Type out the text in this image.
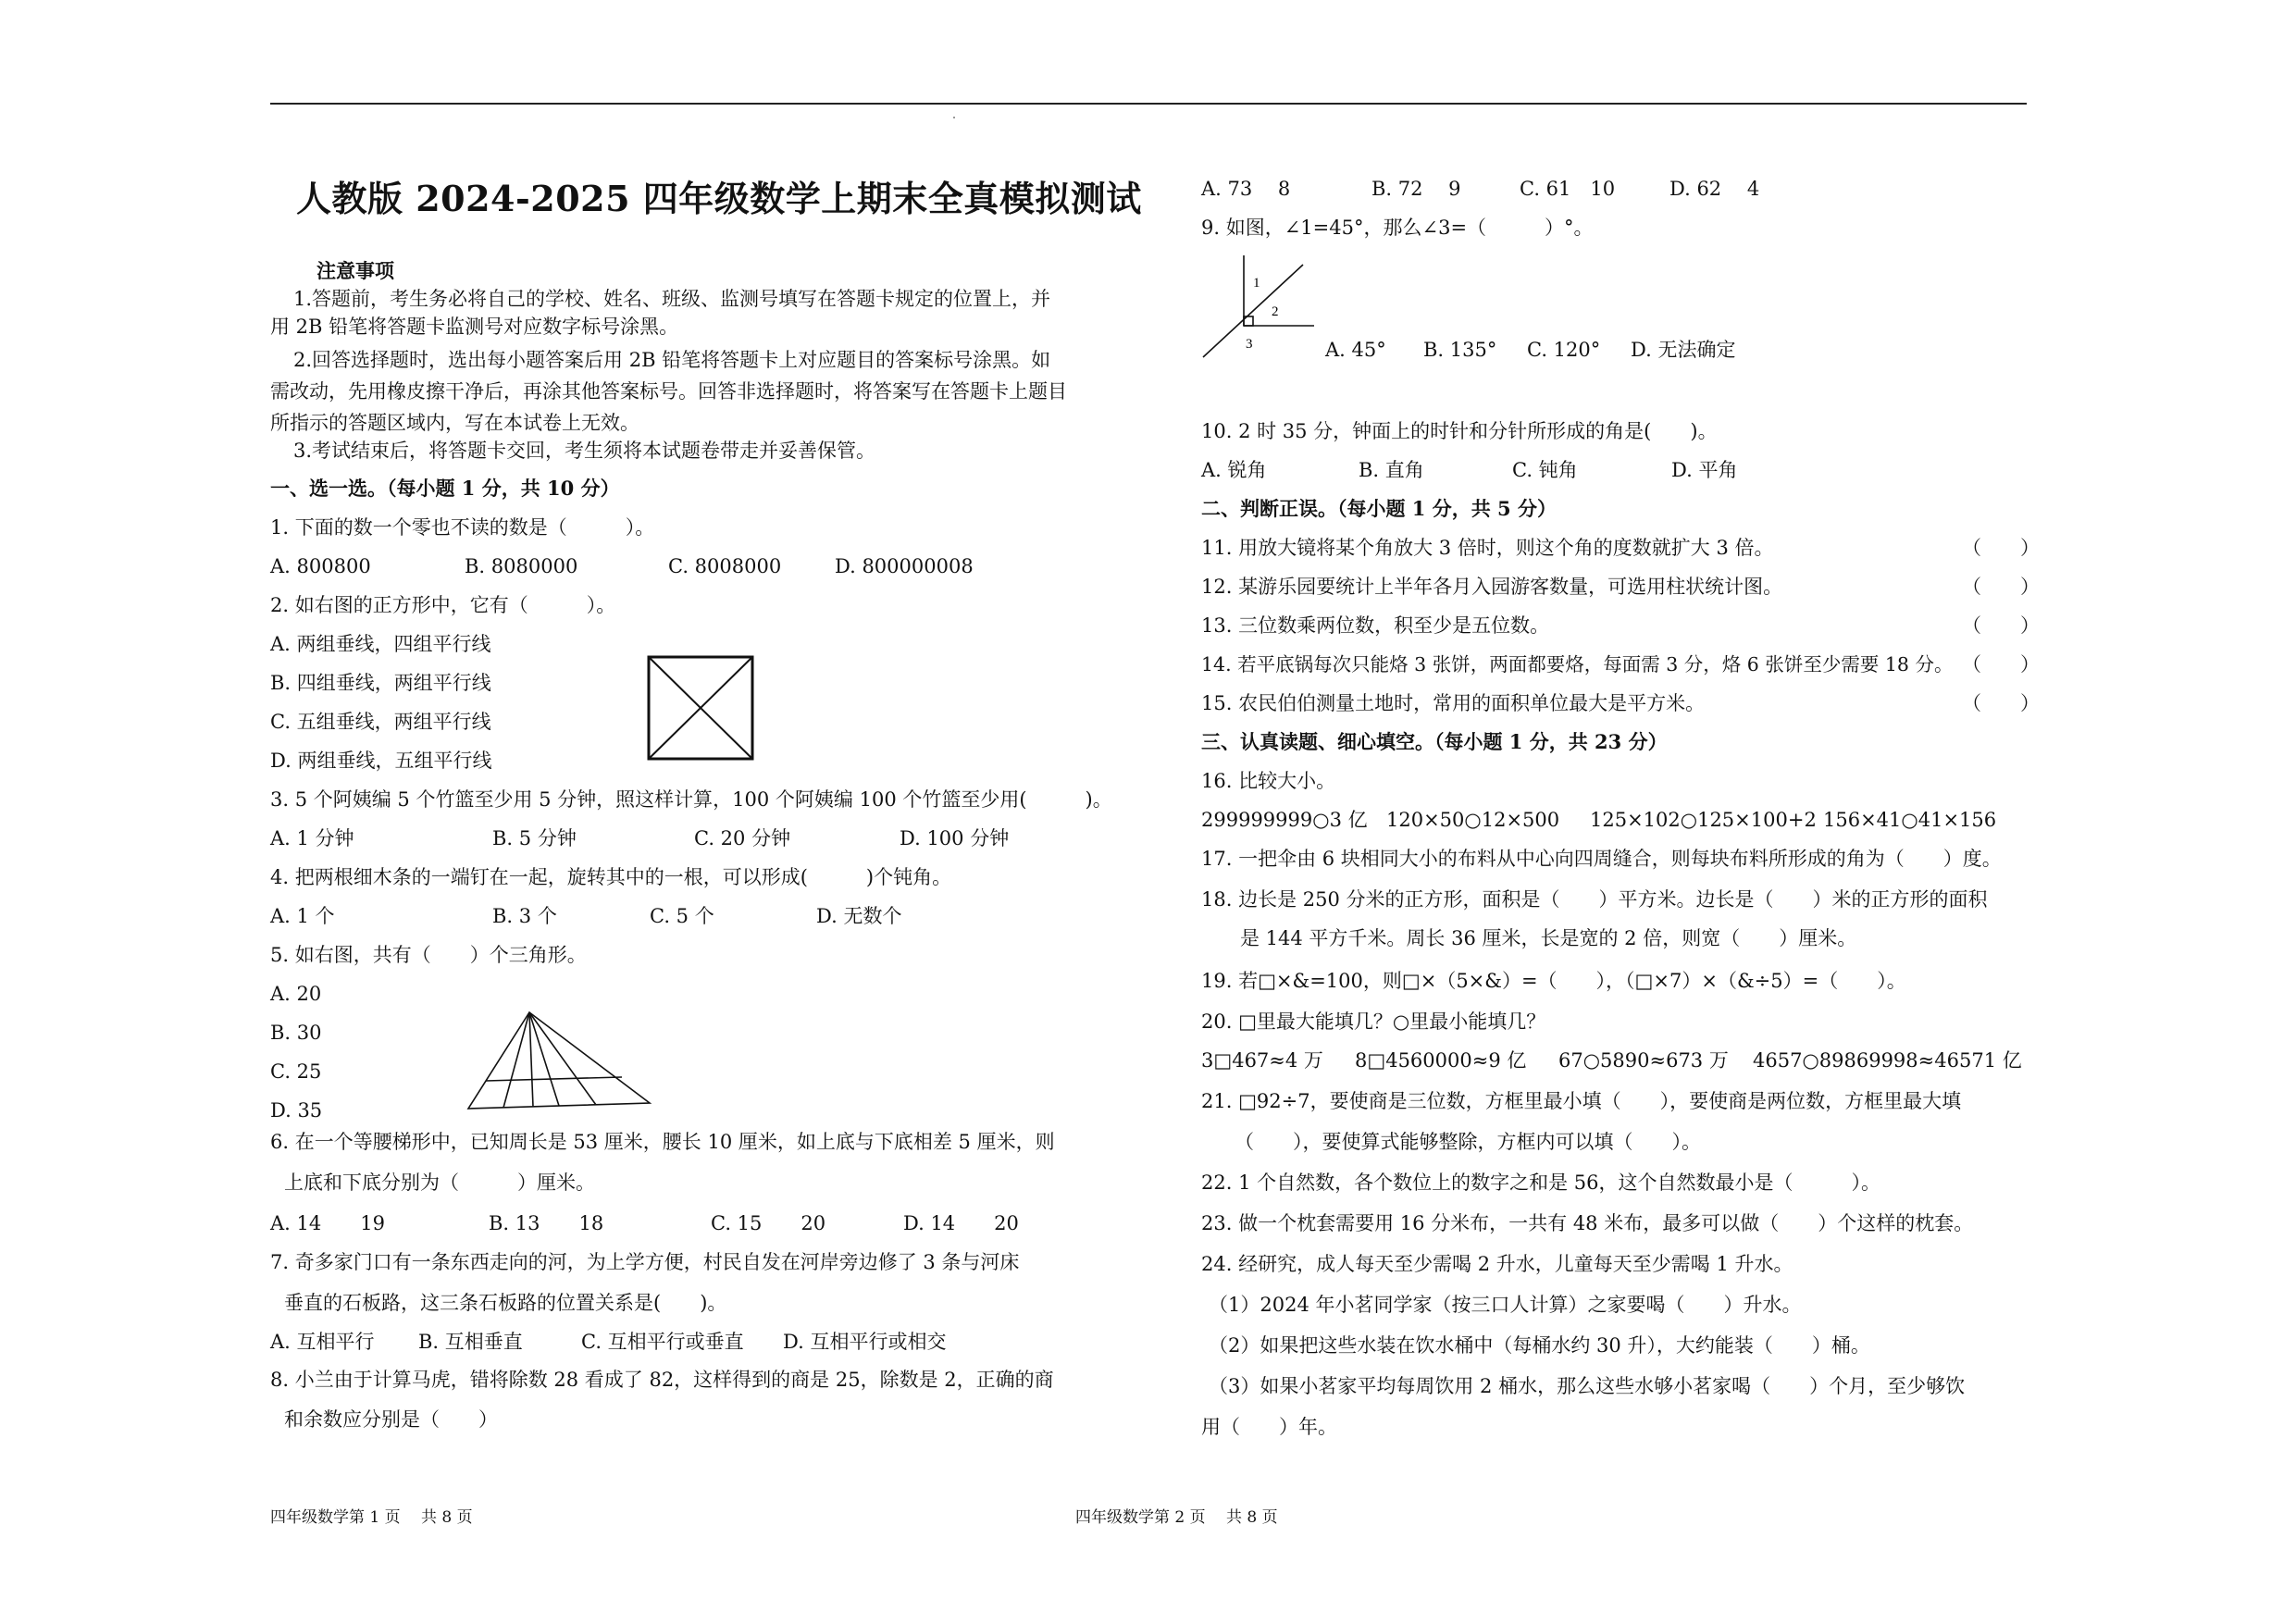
人教版 2024-2025 四年级数学上期末全真模拟测试
注意事项
1.答题前，考生务必将自己的学校、姓名、班级、监测号填写在答题卡规定的位置上，并
用 2B 铅笔将答题卡监测号对应数字标号涂黑。
2.回答选择题时，选出每小题答案后用 2B 铅笔将答题卡上对应题目的答案标号涂黑。如
需改动，先用橡皮擦干净后，再涂其他答案标号。回答非选择题时，将答案写在答题卡上题目
所指示的答题区域内，写在本试卷上无效。
3.考试结束后，将答题卡交回，考生须将本试题卷带走并妥善保管。
一、选一选。（每小题 1 分，共 10 分）
1. 下面的数一个零也不读的数是（　　　）。
A. 800800	B. 8080000	C. 8008000	D. 800000008
2. 如右图的正方形中，它有（　　　）。
A. 两组垂线，四组平行线
B. 四组垂线，两组平行线
C. 五组垂线，两组平行线
D. 两组垂线，五组平行线
3. 5 个阿姨编 5 个竹篮至少用 5 分钟，照这样计算，100 个阿姨编 100 个竹篮至少用(　　　)。
A. 1 分钟	B. 5 分钟	C. 20 分钟	D. 100 分钟
4. 把两根细木条的一端钉在一起，旋转其中的一根，可以形成(　　　)个钝角。
A. 1 个	B. 3 个	C. 5 个	D. 无数个
5. 如右图，共有（　　）个三角形。
A. 20
B. 30
C. 25
D. 35
6. 在一个等腰梯形中，已知周长是 53 厘米，腰长 10 厘米，如上底与下底相差 5 厘米，则
上底和下底分别为（　　　）厘米。
A. 14　　19	B. 13　　18	C. 15　　20	D. 14　　20
7. 奇多家门口有一条东西走向的河，为上学方便，村民自发在河岸旁边修了 3 条与河床
垂直的石板路，这三条石板路的位置关系是(　　)。
A. 互相平行 B. 互相垂直	C. 互相平行或垂直 D. 互相平行或相交
8. 小兰由于计算马虎，错将除数 28 看成了 82，这样得到的商是 25，除数是 2，正确的商
和余数应分别是（　　）
四年级数学第 1 页　 共 8 页
A. 73　 8	B. 72　 9	C. 61　10	D. 62　 4
9. 如图，∠1=45°，那么∠3=（　　　）°。
1
2
3	A. 45° B. 135° C. 120° D. 无法确定
10. 2 时 35 分，钟面上的时针和分针所形成的角是(　　)。
A. 锐角	B. 直角	C. 钝角	D. 平角
二、判断正误。（每小题 1 分，共 5 分）
11. 用放大镜将某个角放大 3 倍时，则这个角的度数就扩大 3 倍。	（　　）
12. 某游乐园要统计上半年各月入园游客数量，可选用柱状统计图。	（　　）
13. 三位数乘两位数，积至少是五位数。	（　　）
14. 若平底锅每次只能烙 3 张饼，两面都要烙，每面需 3 分，烙 6 张饼至少需要 18 分。 （　　）
15. 农民伯伯测量土地时，常用的面积单位最大是平方米。	（　　）
三、认真读题、细心填空。（每小题 1 分，共 23 分）
16. 比较大小。
299999999○3 亿 120×50○12×500 125×102○125×100+2 156×41○41×156
17. 一把伞由 6 块相同大小的布料从中心向四周缝合，则每块布料所形成的角为（　　）度。
18. 边长是 250 分米的正方形，面积是（　　）平方米。边长是（　　）米的正方形的面积
是 144 平方千米。周长 36 厘米，长是宽的 2 倍，则宽（　　）厘米。
19. 若□×&=100，则□×（5×&）=（　　），（□×7）×（&÷5）=（　　）。
20. □里最大能填几？○里最小能填几？
3□467≈4 万 8□4560000≈9 亿 67○5890≈673 万 4657○89869998≈46571 亿
21. □92÷7，要使商是三位数，方框里最小填（　　），要使商是两位数，方框里最大填
（　　），要使算式能够整除，方框内可以填（　　）。
22. 1 个自然数，各个数位上的数字之和是 56，这个自然数最小是（　　　）。
23. 做一个枕套需要用 16 分米布，一共有 48 米布，最多可以做（　　）个这样的枕套。
24. 经研究，成人每天至少需喝 2 升水，儿童每天至少需喝 1 升水。
（1）2024 年小茗同学家（按三口人计算）之家要喝（　　）升水。
（2）如果把这些水装在饮水桶中（每桶水约 30 升），大约能装（　　）桶。
（3）如果小茗家平均每周饮用 2 桶水，那么这些水够小茗家喝（　　）个月，至少够饮
用（　　）年。
四年级数学第 2 页　 共 8 页
